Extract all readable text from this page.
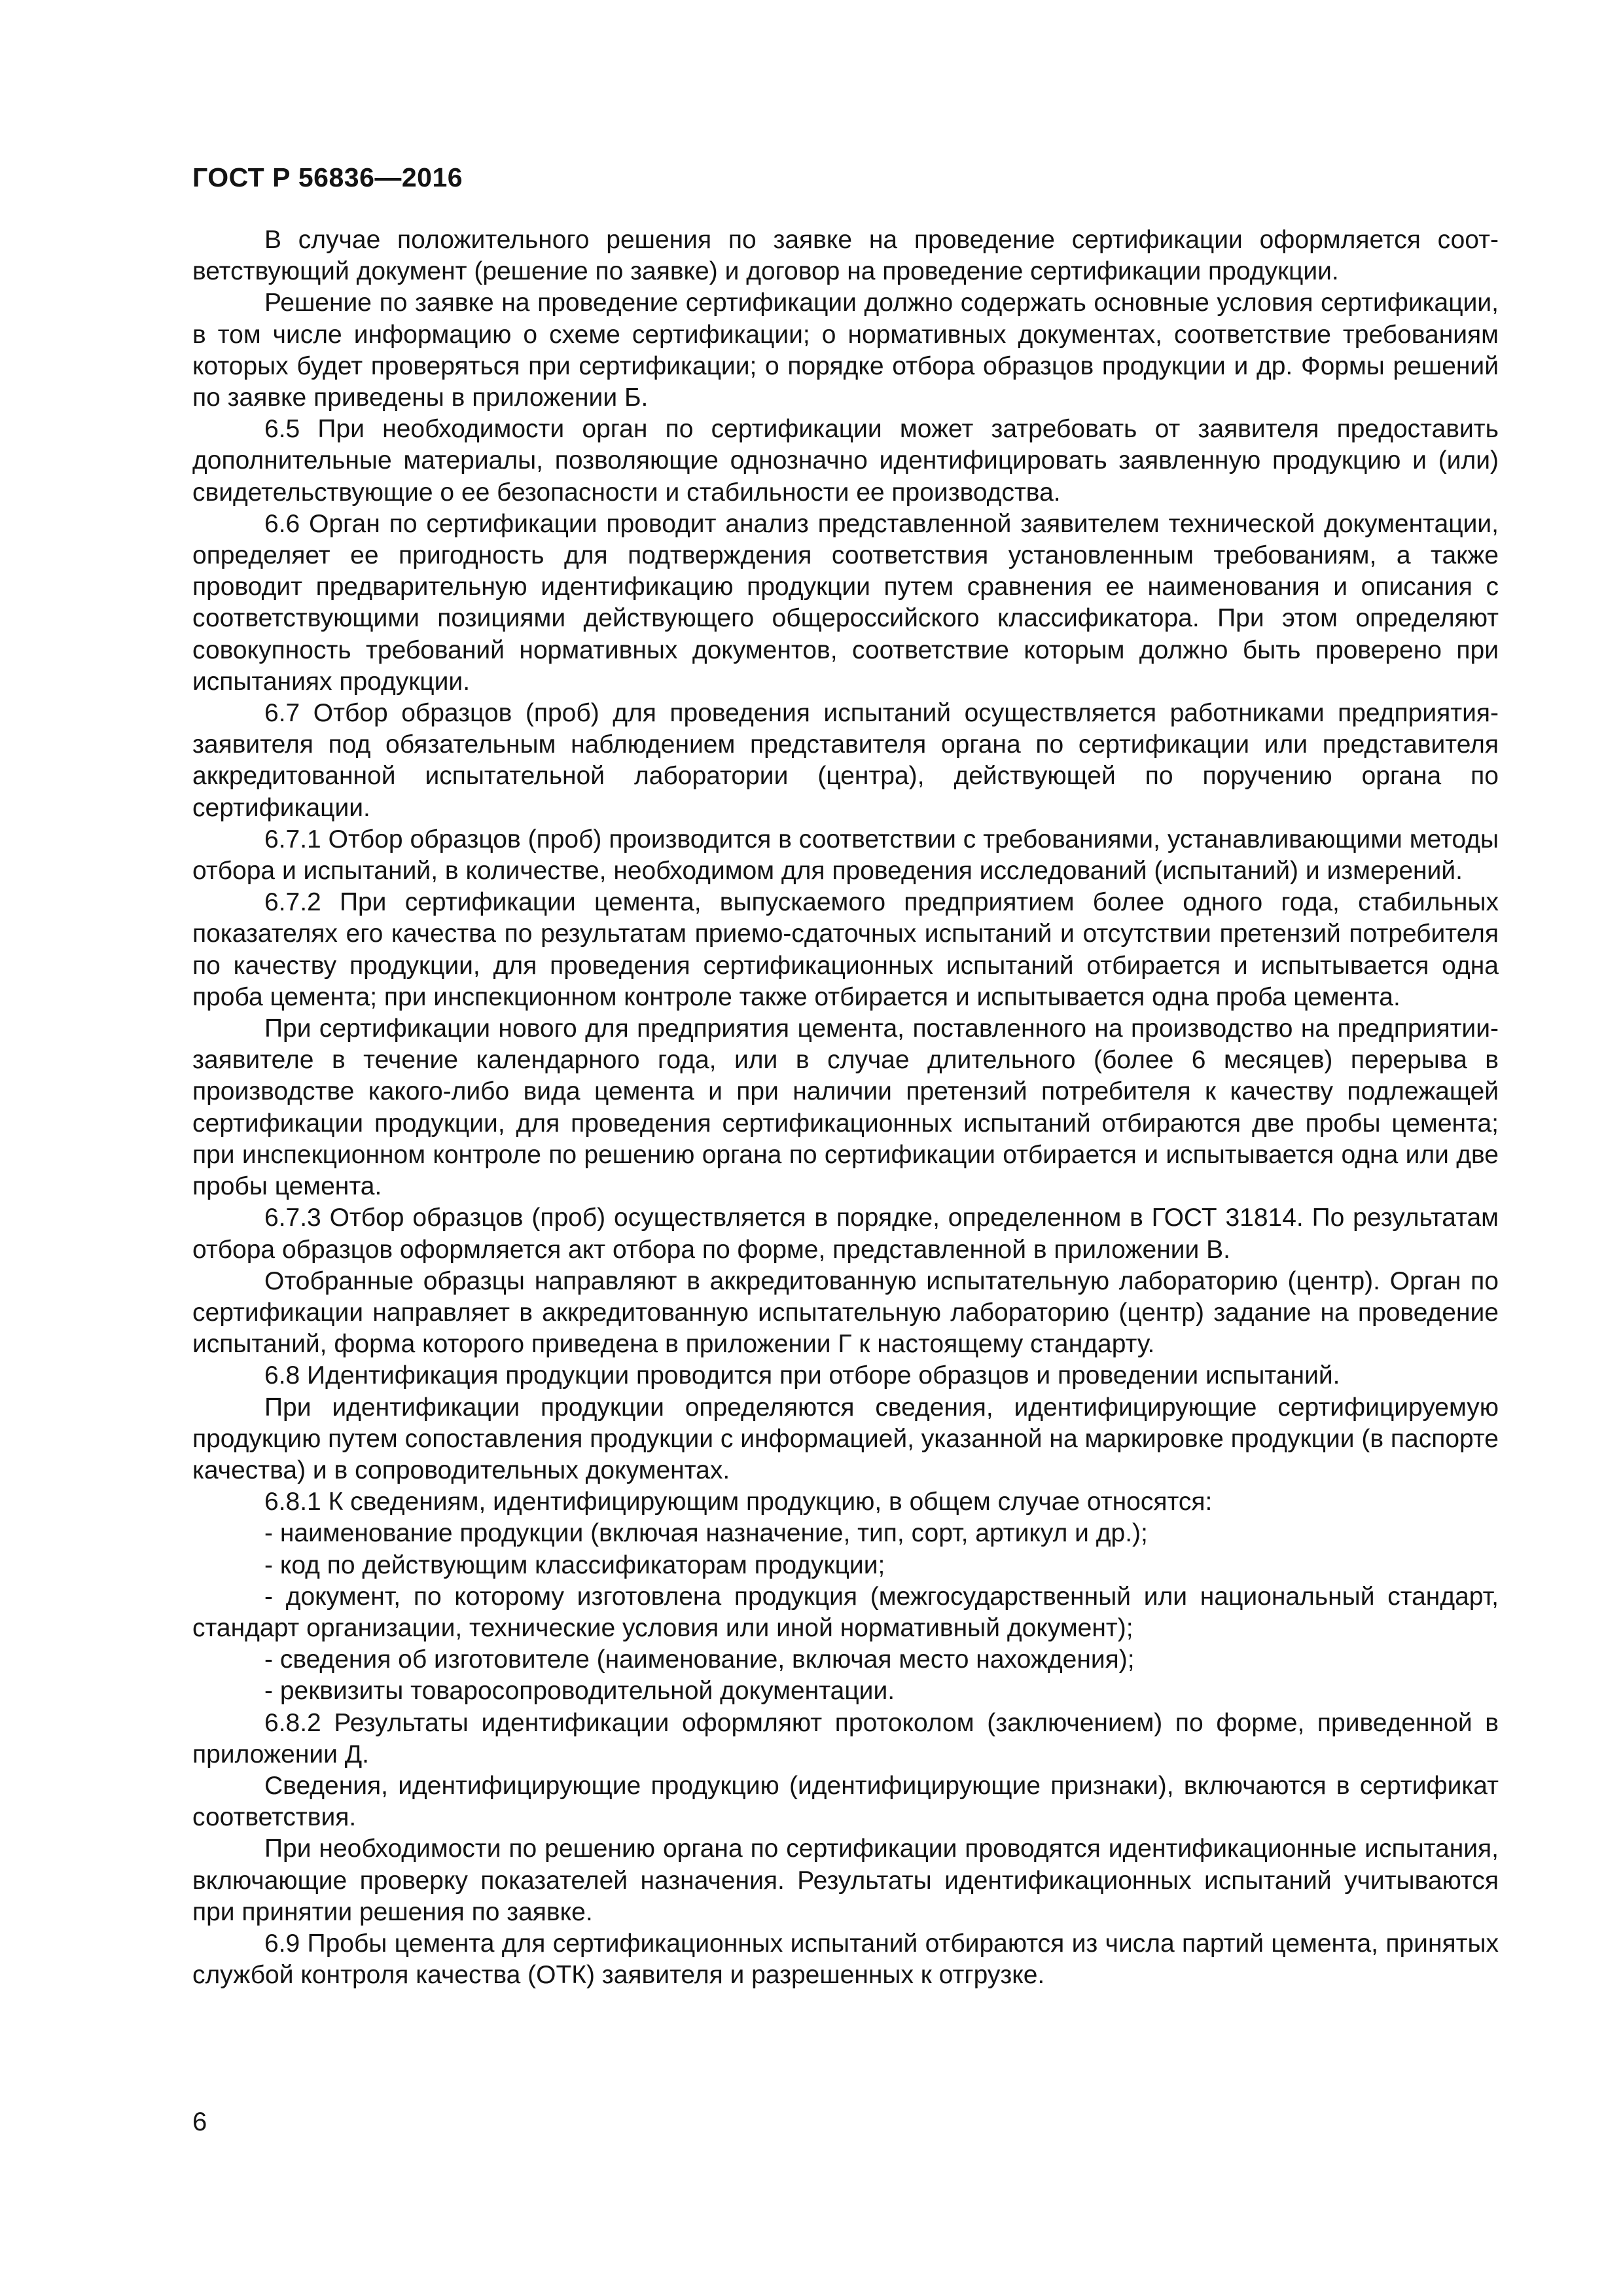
ГОСТ Р 56836—2016

В случае положительного решения по заявке на проведение сертификации оформляется соответствующий документ (решение по заявке) и договор на проведение сертификации продукции.

Решение по заявке на проведение сертификации должно содержать основные условия сертификации, в том числе информацию о схеме сертификации; о нормативных документах, соответствие требованиям которых будет проверяться при сертификации; о порядке отбора образцов продукции и др. Формы решений по заявке приведены в приложении Б.

6.5 При необходимости орган по сертификации может затребовать от заявителя предоставить дополнительные материалы, позволяющие однозначно идентифицировать заявленную продукцию и (или) свидетельствующие о ее безопасности и стабильности ее производства.

6.6 Орган по сертификации проводит анализ представленной заявителем технической документации, определяет ее пригодность для подтверждения соответствия установленным требованиям, а также проводит предварительную идентификацию продукции путем сравнения ее наименования и описания с соответствующими позициями действующего общероссийского классификатора. При этом определяют совокупность требований нормативных документов, соответствие которым должно быть проверено при испытаниях продукции.

6.7 Отбор образцов (проб) для проведения испытаний осуществляется работниками предприятия-заявителя под обязательным наблюдением представителя органа по сертификации или представителя аккредитованной испытательной лаборатории (центра), действующей по поручению органа по сертификации.

6.7.1 Отбор образцов (проб) производится в соответствии с требованиями, устанавливающими методы отбора и испытаний, в количестве, необходимом для проведения исследований (испытаний) и измерений.

6.7.2 При сертификации цемента, выпускаемого предприятием более одного года, стабильных показателях его качества по результатам приемо-сдаточных испытаний и отсутствии претензий потребителя по качеству продукции, для проведения сертификационных испытаний отбирается и испытывается одна проба цемента; при инспекционном контроле также отбирается и испытывается одна проба цемента.

При сертификации нового для предприятия цемента, поставленного на производство на предприятии-заявителе в течение календарного года, или в случае длительного (более 6 месяцев) перерыва в производстве какого-либо вида цемента и при наличии претензий потребителя к качеству подлежащей сертификации продукции, для проведения сертификационных испытаний отбираются две пробы цемента; при инспекционном контроле по решению органа по сертификации отбирается и испытывается одна или две пробы цемента.

6.7.3 Отбор образцов (проб) осуществляется в порядке, определенном в ГОСТ 31814. По результатам отбора образцов оформляется акт отбора по форме, представленной в приложении В.

Отобранные образцы направляют в аккредитованную испытательную лабораторию (центр). Орган по сертификации направляет в аккредитованную испытательную лабораторию (центр) задание на проведение испытаний, форма которого приведена в приложении Г к настоящему стандарту.

6.8 Идентификация продукции проводится при отборе образцов и проведении испытаний.

При идентификации продукции определяются сведения, идентифицирующие сертифицируемую продукцию путем сопоставления продукции с информацией, указанной на маркировке продукции (в паспорте качества) и в сопроводительных документах.

6.8.1 К сведениям, идентифицирующим продукцию, в общем случае относятся:

- наименование продукции (включая назначение, тип, сорт, артикул и др.);

- код по действующим классификаторам продукции;

- документ, по которому изготовлена продукция (межгосударственный или национальный стандарт, стандарт организации, технические условия или иной нормативный документ);

- сведения об изготовителе (наименование, включая место нахождения);

- реквизиты товаросопроводительной документации.

6.8.2 Результаты идентификации оформляют протоколом (заключением) по форме, приведенной в приложении Д.

Сведения, идентифицирующие продукцию (идентифицирующие признаки), включаются в сертификат соответствия.

При необходимости по решению органа по сертификации проводятся идентификационные испытания, включающие проверку показателей назначения. Результаты идентификационных испытаний учитываются при принятии решения по заявке.

6.9 Пробы цемента для сертификационных испытаний отбираются из числа партий цемента, принятых службой контроля качества (ОТК) заявителя и разрешенных к отгрузке.

6
